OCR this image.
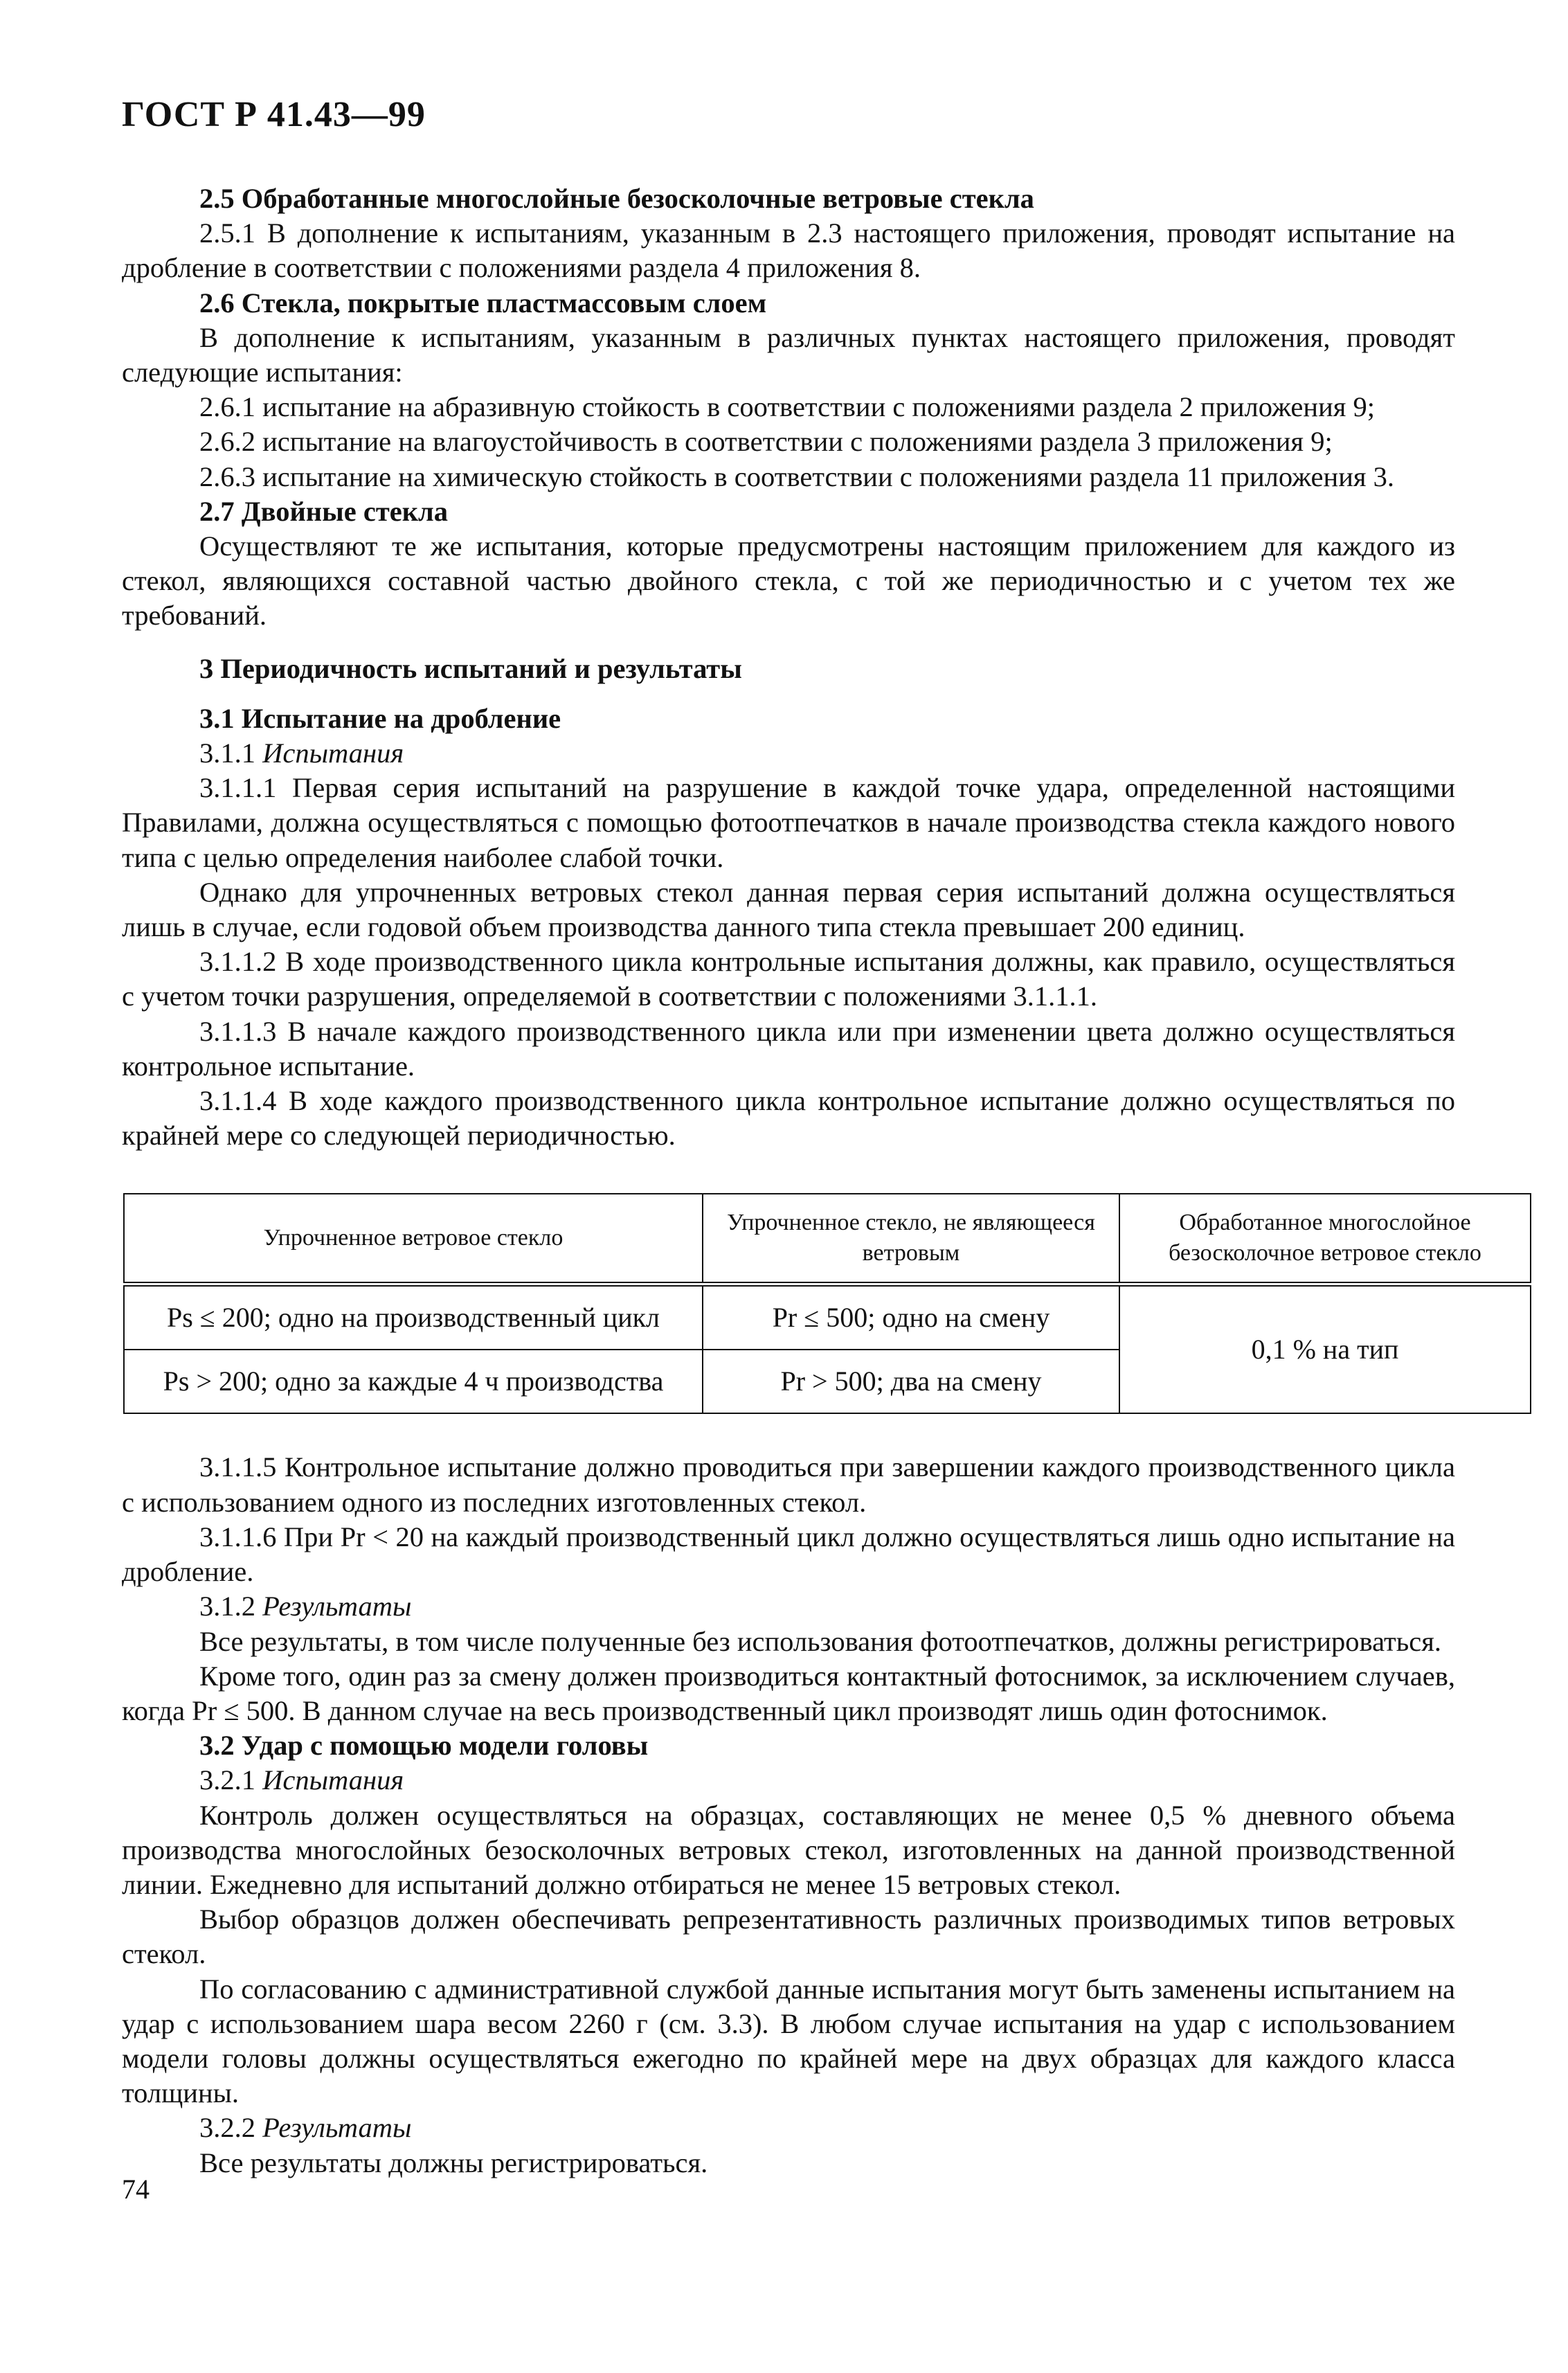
ГОСТ Р 41.43—99

2.5 Обработанные многослойные безосколочные ветровые стекла

2.5.1 В дополнение к испытаниям, указанным в 2.3 настоящего приложения, проводят испытание на дробление в соответствии с положениями раздела 4 приложения 8.

2.6 Стекла, покрытые пластмассовым слоем

В дополнение к испытаниям, указанным в различных пунктах настоящего приложения, проводят следующие испытания:

2.6.1 испытание на абразивную стойкость в соответствии с положениями раздела 2 приложения 9;

2.6.2 испытание на влагоустойчивость в соответствии с положениями раздела 3 приложения 9;

2.6.3 испытание на химическую стойкость в соответствии с положениями раздела 11 приложения 3.

2.7 Двойные стекла

Осуществляют те же испытания, которые предусмотрены настоящим приложением для каждого из стекол, являющихся составной частью двойного стекла, с той же периодичностью и с учетом тех же требований.

3 Периодичность испытаний и результаты

3.1 Испытание на дробление

3.1.1 Испытания

3.1.1.1 Первая серия испытаний на разрушение в каждой точке удара, определенной настоящими Правилами, должна осуществляться с помощью фотоотпечатков в начале производства стекла каждого нового типа с целью определения наиболее слабой точки.

Однако для упрочненных ветровых стекол данная первая серия испытаний должна осуществляться лишь в случае, если годовой объем производства данного типа стекла превышает 200 единиц.

3.1.1.2 В ходе производственного цикла контрольные испытания должны, как правило, осуществляться с учетом точки разрушения, определяемой в соответствии с положениями 3.1.1.1.

3.1.1.3 В начале каждого производственного цикла или при изменении цвета должно осуществляться контрольное испытание.

3.1.1.4 В ходе каждого производственного цикла контрольное испытание должно осуществляться по крайней мере со следующей периодичностью.

Упрочненное ветровое стекло	Упрочненное стекло, не являющееся ветровым	Обработанное многослойное безосколочное ветровое стекло
Ps ≤ 200; одно на производственный цикл	Pr ≤ 500; одно на смену	0,1 % на тип
Ps > 200; одно за каждые 4 ч производства	Pr > 500; два на смену	

3.1.1.5 Контрольное испытание должно проводиться при завершении каждого производственного цикла с использованием одного из последних изготовленных стекол.

3.1.1.6 При Pr < 20 на каждый производственный цикл должно осуществляться лишь одно испытание на дробление.

3.1.2 Результаты

Все результаты, в том числе полученные без использования фотоотпечатков, должны регистрироваться.

Кроме того, один раз за смену должен производиться контактный фотоснимок, за исключением случаев, когда Pr ≤ 500. В данном случае на весь производственный цикл производят лишь один фотоснимок.

3.2 Удар с помощью модели головы

3.2.1 Испытания

Контроль должен осуществляться на образцах, составляющих не менее 0,5 % дневного объема производства многослойных безосколочных ветровых стекол, изготовленных на данной производственной линии. Ежедневно для испытаний должно отбираться не менее 15 ветровых стекол.

Выбор образцов должен обеспечивать репрезентативность различных производимых типов ветровых стекол.

По согласованию с административной службой данные испытания могут быть заменены испытанием на удар с использованием шара весом 2260 г (см. 3.3). В любом случае испытания на удар с использованием модели головы должны осуществляться ежегодно по крайней мере на двух образцах для каждого класса толщины.

3.2.2 Результаты

Все результаты должны регистрироваться.

74
